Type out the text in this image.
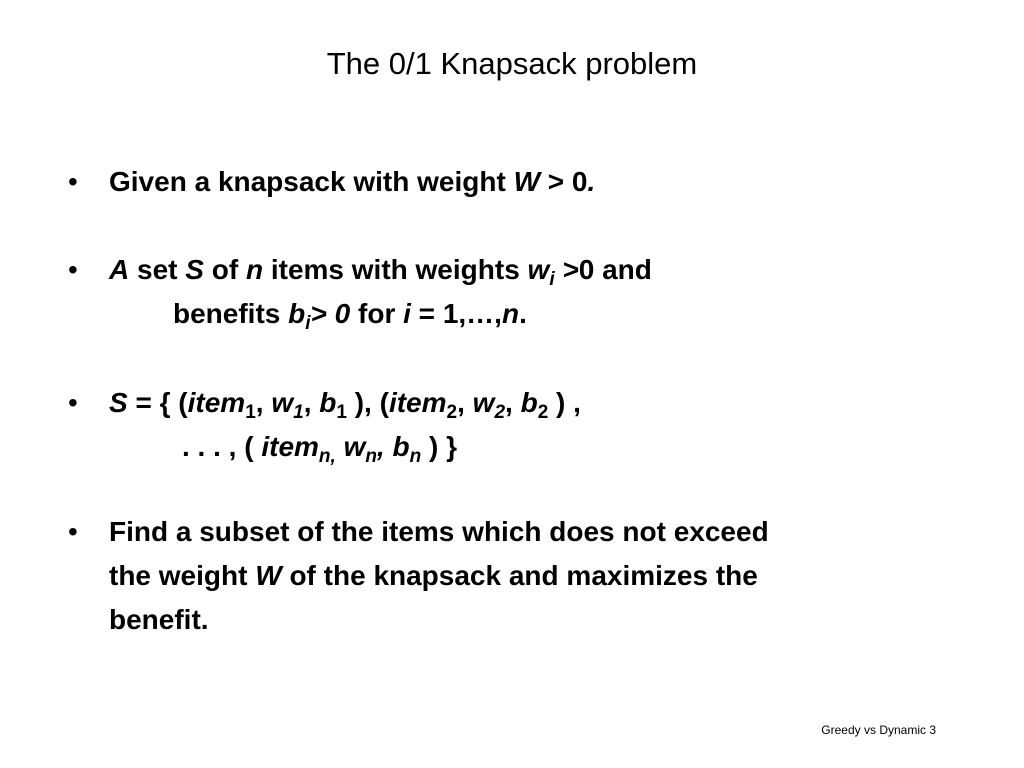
The 0/1 Knapsack problem
• Given a knapsack with weight W > 0.
• A set S of n items with weights $w_i >0$ and
benefits $b_i> 0$ for i = 1,…,n.
• S = { (item$_1$, $w_1$, $b_1$ ), (item$_2$, $w_2$, $b_2$ ) ,
. . . , ( item$_{n,}$ $w_n$, $b_n$ ) }
• Find a subset of the items which does not exceed
the weight W of the knapsack and maximizes the
benefit.
Greedy vs Dynamic 3
